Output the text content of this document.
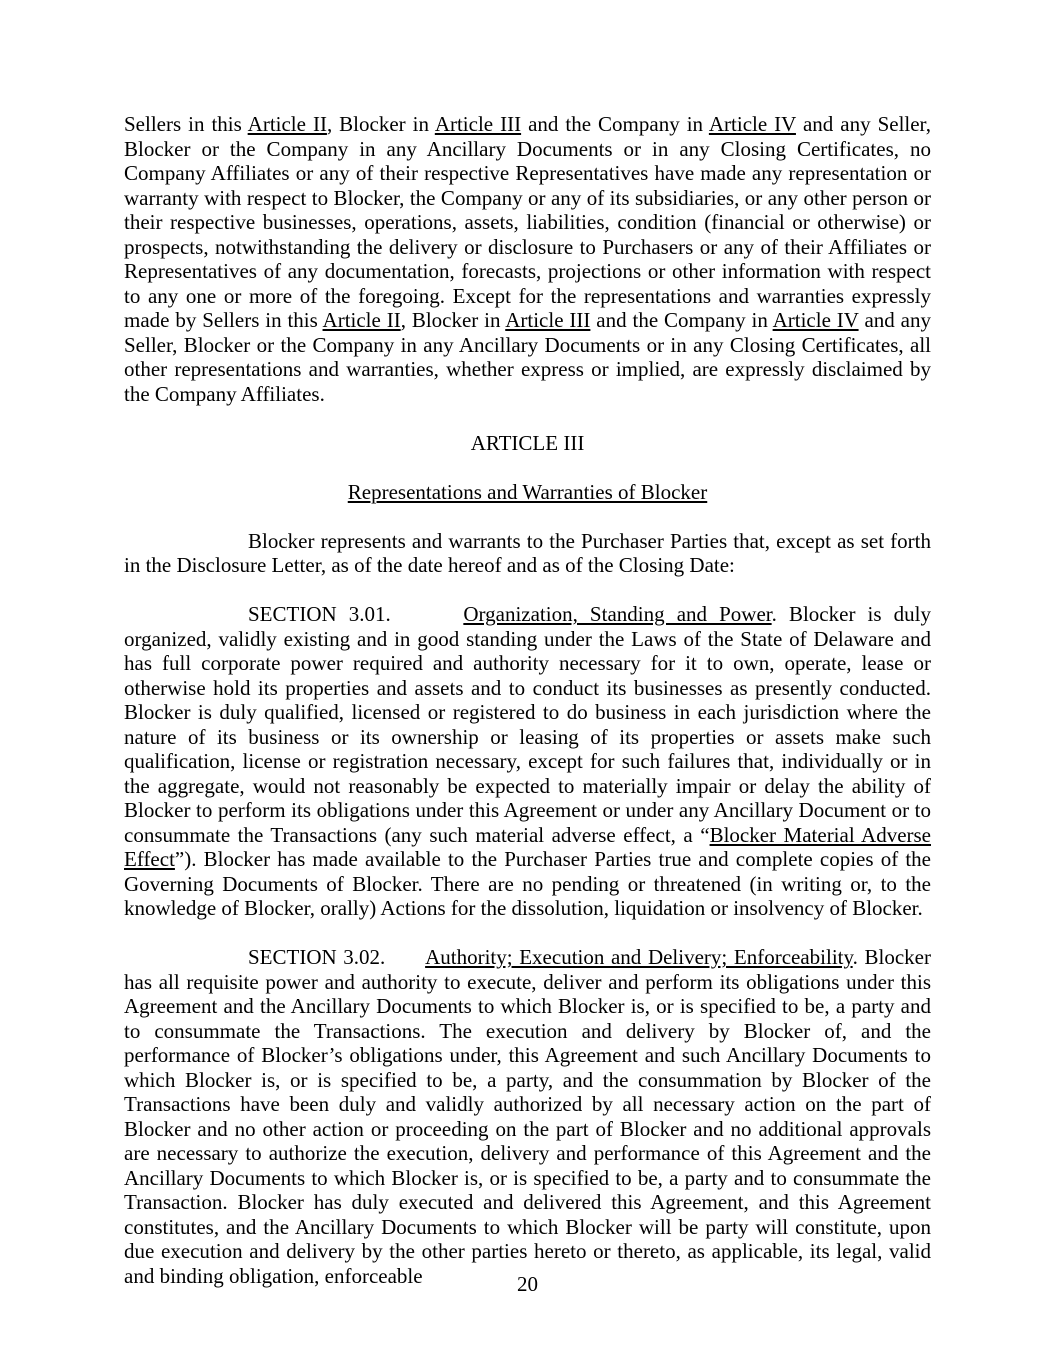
Sellers in this Article II, Blocker in Article III and the Company in Article IV and any Seller, Blocker or the Company in any Ancillary Documents or in any Closing Certificates, no Company Affiliates or any of their respective Representatives have made any representation or warranty with respect to Blocker, the Company or any of its subsidiaries, or any other person or their respective businesses, operations, assets, liabilities, condition (financial or otherwise) or prospects, notwithstanding the delivery or disclosure to Purchasers or any of their Affiliates or Representatives of any documentation, forecasts, projections or other information with respect to any one or more of the foregoing. Except for the representations and warranties expressly made by Sellers in this Article II, Blocker in Article III and the Company in Article IV and any Seller, Blocker or the Company in any Ancillary Documents or in any Closing Certificates, all other representations and warranties, whether express or implied, are expressly disclaimed by the Company Affiliates.

ARTICLE III

Representations and Warranties of Blocker

Blocker represents and warrants to the Purchaser Parties that, except as set forth in the Disclosure Letter, as of the date hereof and as of the Closing Date:

SECTION 3.01.      Organization, Standing and Power. Blocker is duly organized, validly existing and in good standing under the Laws of the State of Delaware and has full corporate power required and authority necessary for it to own, operate, lease or otherwise hold its properties and assets and to conduct its businesses as presently conducted. Blocker is duly qualified, licensed or registered to do business in each jurisdiction where the nature of its business or its ownership or leasing of its properties or assets make such qualification, license or registration necessary, except for such failures that, individually or in the aggregate, would not reasonably be expected to materially impair or delay the ability of Blocker to perform its obligations under this Agreement or under any Ancillary Document or to consummate the Transactions (any such material adverse effect, a “Blocker Material Adverse Effect”). Blocker has made available to the Purchaser Parties true and complete copies of the Governing Documents of Blocker. There are no pending or threatened (in writing or, to the knowledge of Blocker, orally) Actions for the dissolution, liquidation or insolvency of Blocker.

SECTION 3.02.      Authority; Execution and Delivery; Enforceability. Blocker has all requisite power and authority to execute, deliver and perform its obligations under this Agreement and the Ancillary Documents to which Blocker is, or is specified to be, a party and to consummate the Transactions. The execution and delivery by Blocker of, and the performance of Blocker’s obligations under, this Agreement and such Ancillary Documents to which Blocker is, or is specified to be, a party, and the consummation by Blocker of the Transactions have been duly and validly authorized by all necessary action on the part of Blocker and no other action or proceeding on the part of Blocker and no additional approvals are necessary to authorize the execution, delivery and performance of this Agreement and the Ancillary Documents to which Blocker is, or is specified to be, a party and to consummate the Transaction. Blocker has duly executed and delivered this Agreement, and this Agreement constitutes, and the Ancillary Documents to which Blocker will be party will constitute, upon due execution and delivery by the other parties hereto or thereto, as applicable, its legal, valid and binding obligation, enforceable	20
